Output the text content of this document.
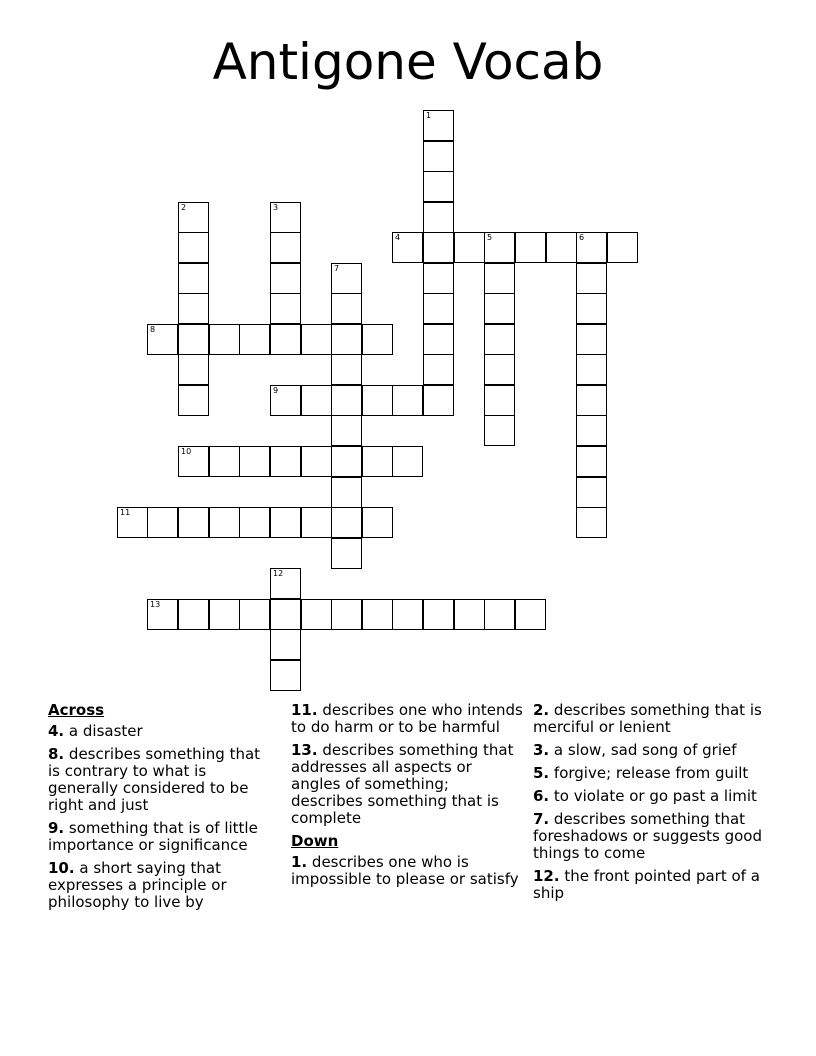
Antigone Vocab
1
2	3
4	5	6
7
8
9
10
11
12
13
Across
4. a disaster
8. describes something that is contrary to what is generally considered to be right and just
9. something that is of little importance or significance
10. a short saying that expresses a principle or philosophy to live by
11. describes one who intends to do harm or to be harmful
13. describes something that addresses all aspects or angles of something; describes something that is complete
Down
1. describes one who is impossible to please or satisfy
2. describes something that is merciful or lenient
3. a slow, sad song of grief
5. forgive; release from guilt
6. to violate or go past a limit
7. describes something that foreshadows or suggests good things to come
12. the front pointed part of a ship
